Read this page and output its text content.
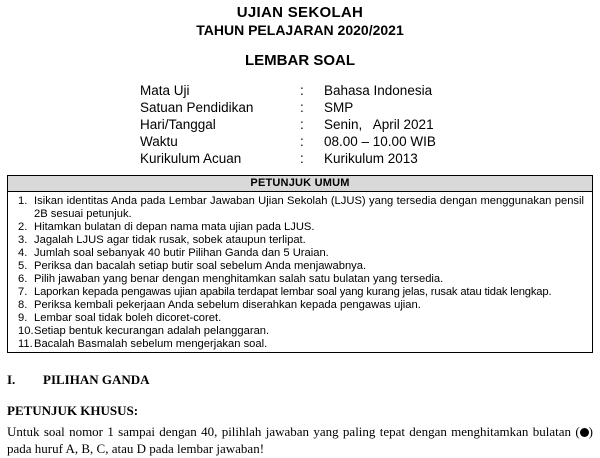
UJIAN SEKOLAH
TAHUN PELAJARAN 2020/2021
LEMBAR SOAL
Mata Uji	:	Bahasa Indonesia
Satuan Pendidikan	:	SMP
Hari/Tanggal	:	Senin,   April 2021
Waktu	:	08.00 – 10.00 WIB
Kurikulum Acuan	:	Kurikulum 2013
PETUNJUK UMUM
1. Isikan identitas Anda pada Lembar Jawaban Ujian Sekolah (LJUS) yang tersedia dengan menggunakan pensil 2B sesuai petunjuk.
2. Hitamkan bulatan di depan nama mata ujian pada LJUS.
3. Jagalah LJUS agar tidak rusak, sobek ataupun terlipat.
4. Jumlah soal sebanyak 40 butir Pilihan Ganda dan 5 Uraian.
5. Periksa dan bacalah setiap butir soal sebelum Anda menjawabnya.
6. Pilih jawaban yang benar dengan menghitamkan salah satu bulatan yang tersedia.
7. Laporkan kepada pengawas ujian apabila terdapat lembar soal yang kurang jelas, rusak atau tidak lengkap.
8. Periksa kembali pekerjaan Anda sebelum diserahkan kepada pengawas ujian.
9. Lembar soal tidak boleh dicoret-coret.
10. Setiap bentuk kecurangan adalah pelanggaran.
11. Bacalah Basmalah sebelum mengerjakan soal.
I.	PILIHAN GANDA
PETUNJUK KHUSUS:
Untuk soal nomor 1 sampai dengan 40, pilihlah jawaban yang paling tepat dengan menghitamkan bulatan ( ) pada huruf A, B, C, atau D pada lembar jawaban!
